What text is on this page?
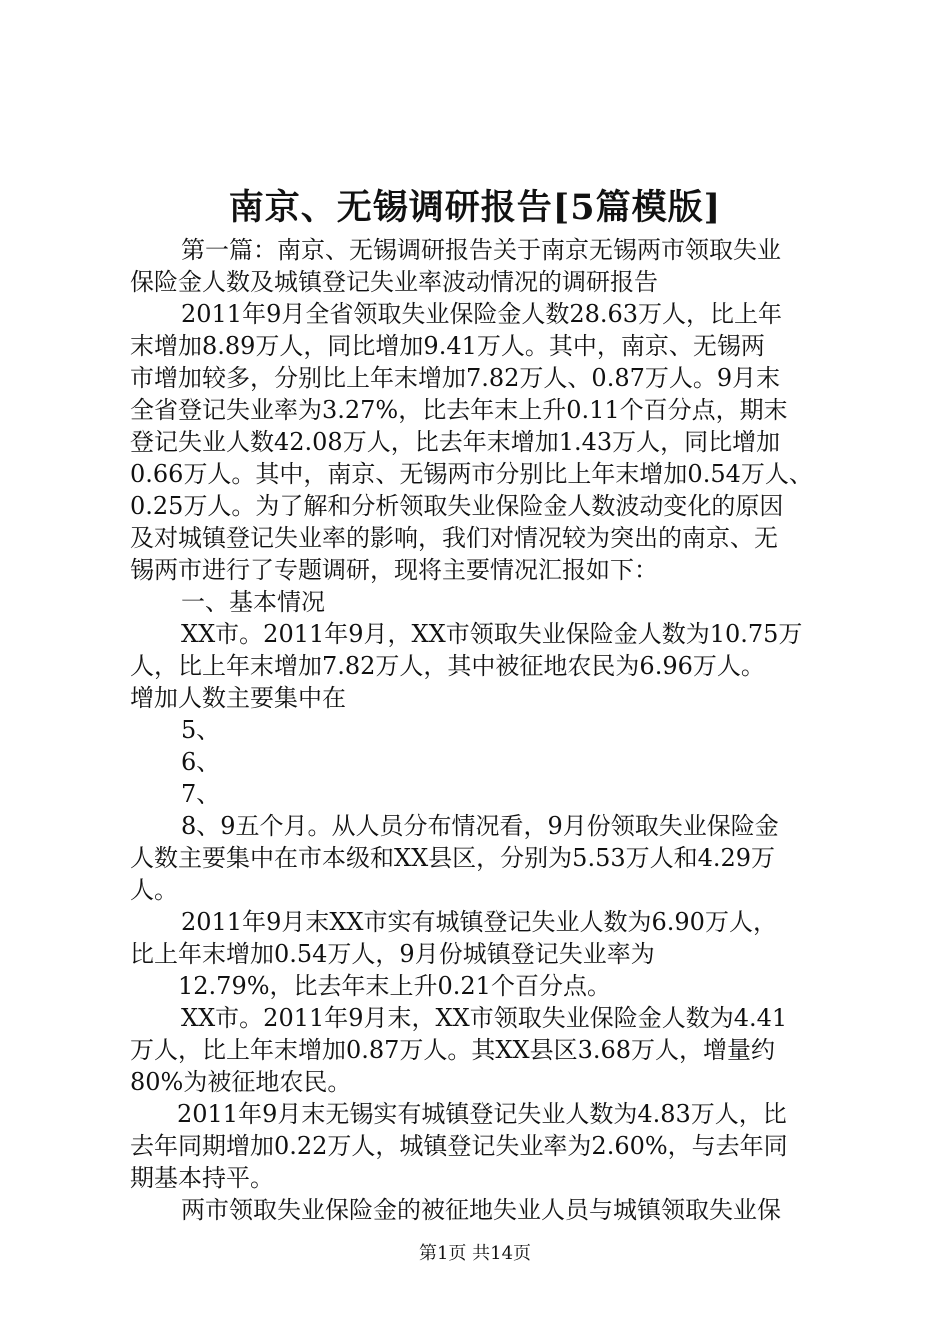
南京、无锡调研报告[5篇模版]
第一篇：南京、无锡调研报告关于南京无锡两市领取失业
保险金人数及城镇登记失业率波动情况的调研报告
2011年9月全省领取失业保险金人数28.63万人，比上年
末增加8.89万人，同比增加9.41万人。其中，南京、无锡两
市增加较多，分别比上年末增加7.82万人、0.87万人。9月末
全省登记失业率为3.27%，比去年末上升0.11个百分点，期末
登记失业人数42.08万人，比去年末增加1.43万人，同比增加
0.66万人。其中，南京、无锡两市分别比上年末增加0.54万人、
0.25万人。为了解和分析领取失业保险金人数波动变化的原因
及对城镇登记失业率的影响，我们对情况较为突出的南京、无
锡两市进行了专题调研，现将主要情况汇报如下：
一、基本情况
XX市。2011年9月，XX市领取失业保险金人数为10.75万
人，比上年末增加7.82万人，其中被征地农民为6.96万人。
增加人数主要集中在
5、
6、
7、
8、9五个月。从人员分布情况看，9月份领取失业保险金
人数主要集中在市本级和XX县区，分别为5.53万人和4.29万
人。
2011年9月末XX市实有城镇登记失业人数为6.90万人，
比上年末增加0.54万人，9月份城镇登记失业率为
12.79%，比去年末上升0.21个百分点。
XX市。2011年9月末，XX市领取失业保险金人数为4.41
万人，比上年末增加0.87万人。其XX县区3.68万人，增量约
80%为被征地农民。
2011年9月末无锡实有城镇登记失业人数为4.83万人，比
去年同期增加0.22万人，城镇登记失业率为2.60%，与去年同
期基本持平。
两市领取失业保险金的被征地失业人员与城镇领取失业保
第1页 共14页
